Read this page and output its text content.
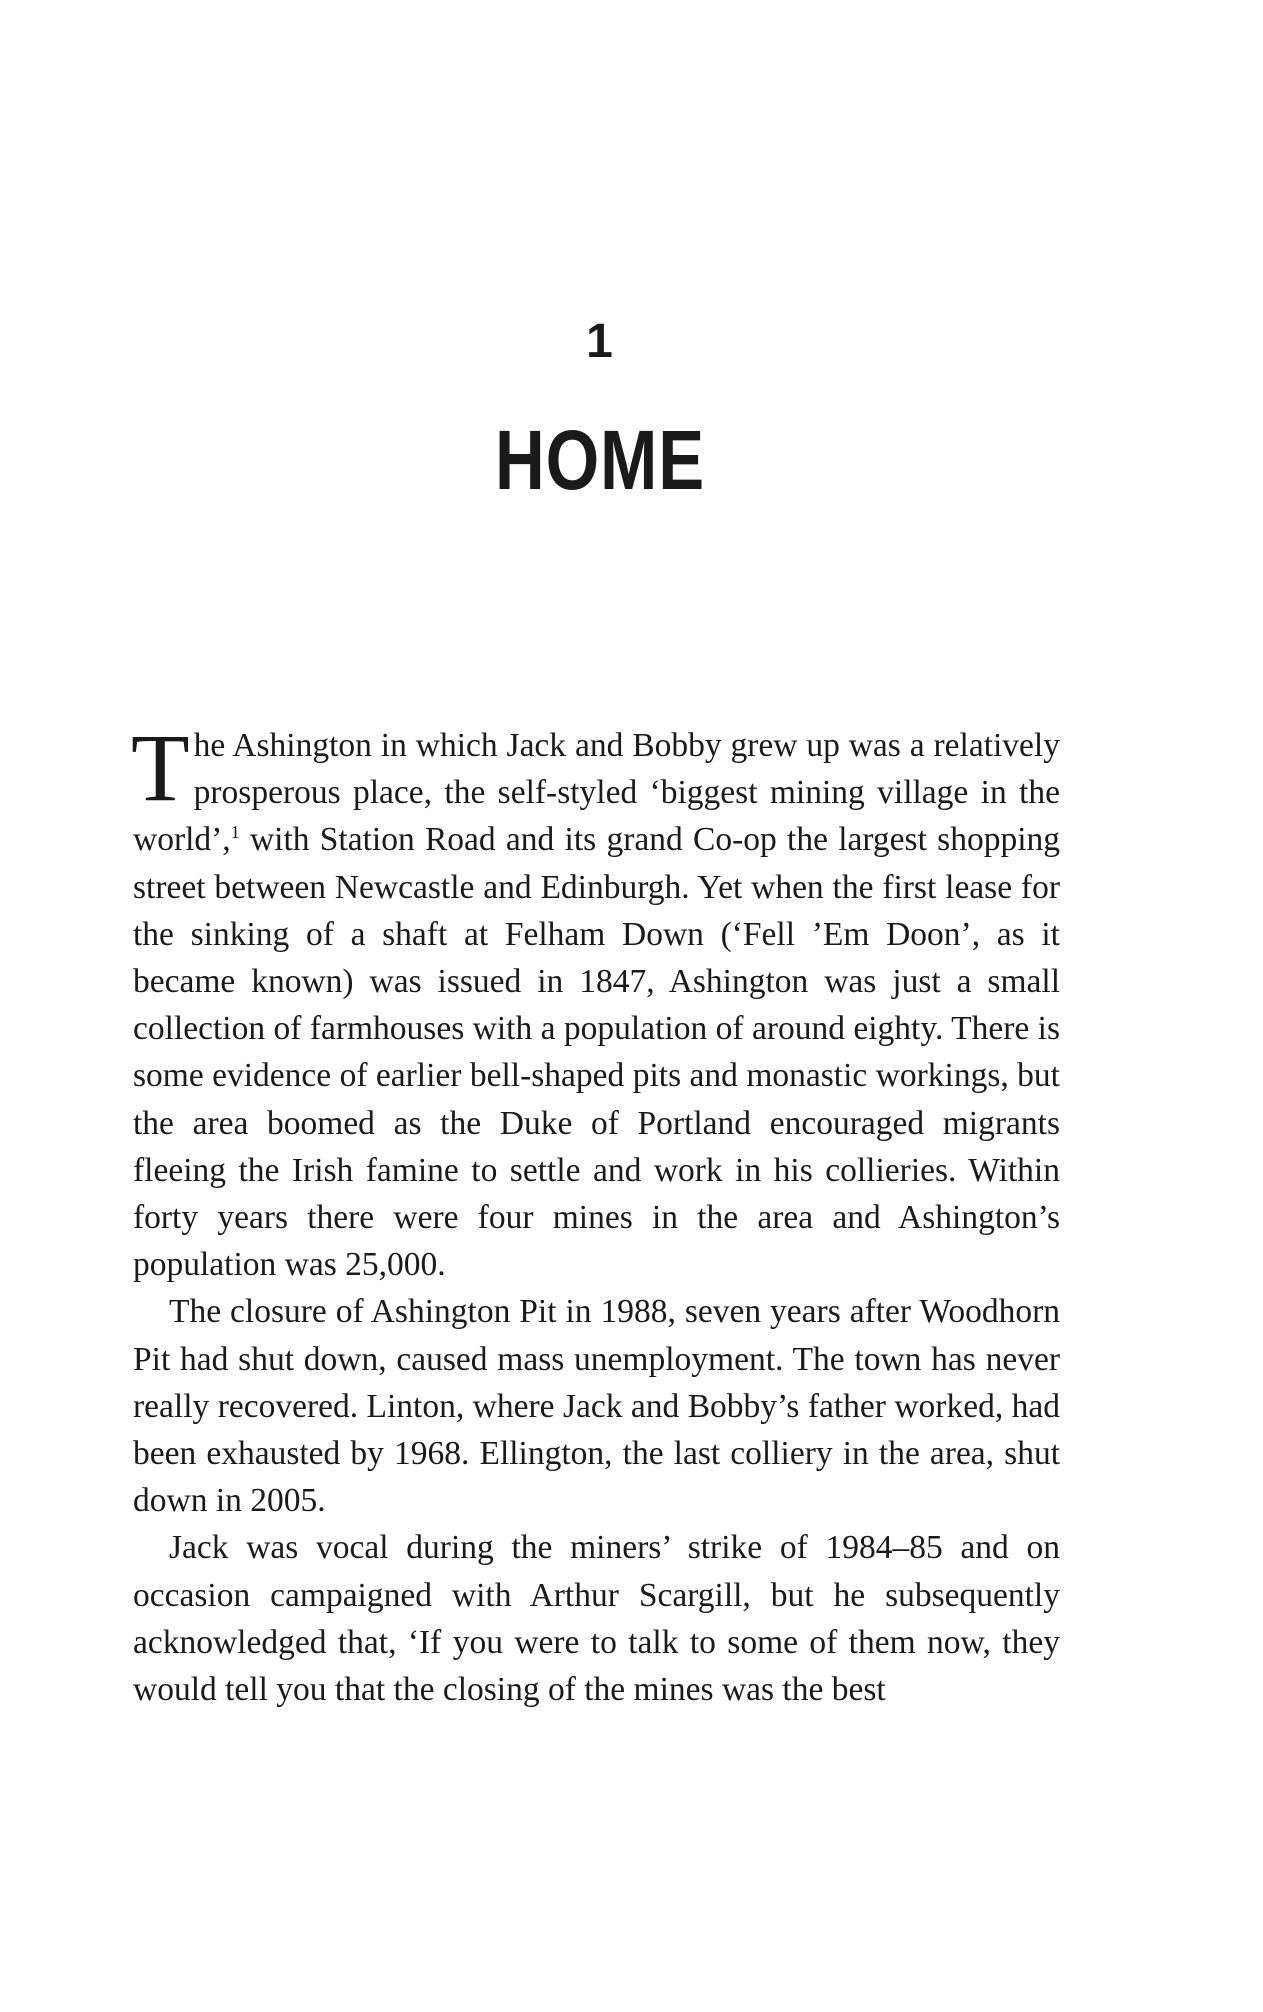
1
HOME

The Ashington in which Jack and Bobby grew up was a relatively prosperous place, the self-styled ‘biggest mining village in the world’,$^1$ with Station Road and its grand Co-op the largest shopping street between Newcastle and Edinburgh. Yet when the first lease for the sinking of a shaft at Felham Down (‘Fell ’Em Doon’, as it became known) was issued in 1847, Ashington was just a small collection of farmhouses with a population of around eighty. There is some evidence of earlier bell-shaped pits and monastic workings, but the area boomed as the Duke of Portland encouraged migrants fleeing the Irish famine to settle and work in his collieries. Within forty years there were four mines in the area and Ashington’s population was 25,000.

The closure of Ashington Pit in 1988, seven years after Woodhorn Pit had shut down, caused mass unemployment. The town has never really recovered. Linton, where Jack and Bobby’s father worked, had been exhausted by 1968. Ellington, the last colliery in the area, shut down in 2005.

Jack was vocal during the miners’ strike of 1984–85 and on occasion campaigned with Arthur Scargill, but he subsequently acknowledged that, ‘If you were to talk to some of them now, they would tell you that the closing of the mines was the best
